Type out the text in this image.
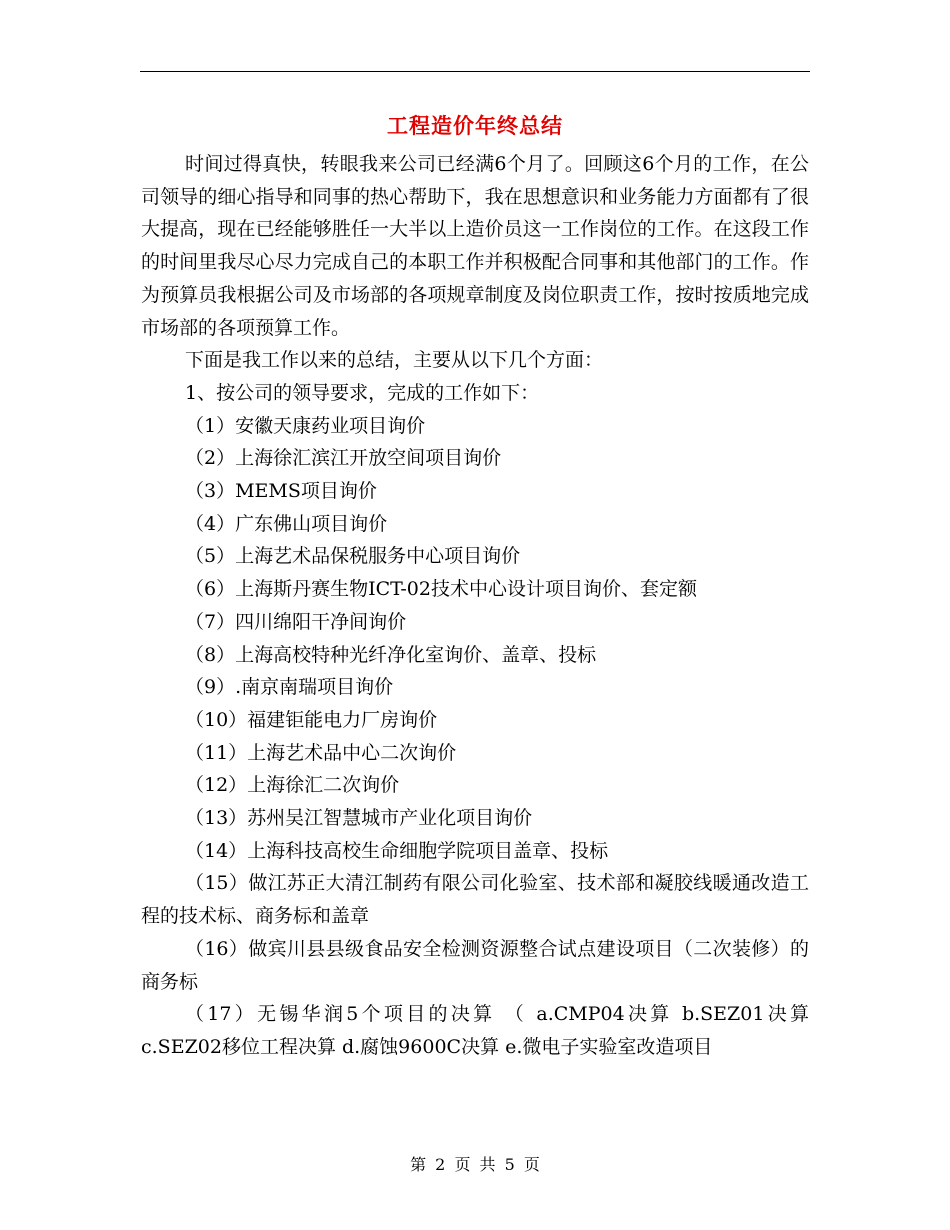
工程造价年终总结

时间过得真快，转眼我来公司已经满6个月了。回顾这6个月的工作，在公司领导的细心指导和同事的热心帮助下，我在思想意识和业务能力方面都有了很大提高，现在已经能够胜任一大半以上造价员这一工作岗位的工作。在这段工作的时间里我尽心尽力完成自己的本职工作并积极配合同事和其他部门的工作。作为预算员我根据公司及市场部的各项规章制度及岗位职责工作，按时按质地完成市场部的各项预算工作。

下面是我工作以来的总结，主要从以下几个方面：

1、按公司的领导要求，完成的工作如下：

（1）安徽天康药业项目询价

（2）上海徐汇滨江开放空间项目询价

（3）MEMS项目询价

（4）广东佛山项目询价

（5）上海艺术品保税服务中心项目询价

（6）上海斯丹赛生物ICT-02技术中心设计项目询价、套定额

（7）四川绵阳干净间询价

（8）上海高校特种光纤净化室询价、盖章、投标

（9）.南京南瑞项目询价

（10）福建钜能电力厂房询价

（11）上海艺术品中心二次询价

（12）上海徐汇二次询价

（13）苏州吴江智慧城市产业化项目询价

（14）上海科技高校生命细胞学院项目盖章、投标

（15）做江苏正大清江制药有限公司化验室、技术部和凝胶线暖通改造工程的技术标、商务标和盖章

（16）做宾川县县级食品安全检测资源整合试点建设项目（二次装修）的商务标

（17）无锡华润5个项目的决算 （ a.CMP04决算 b.SEZ01决算 c.SEZ02移位工程决算 d.腐蚀9600C决算 e.微电子实验室改造项目

第 2 页 共 5 页
